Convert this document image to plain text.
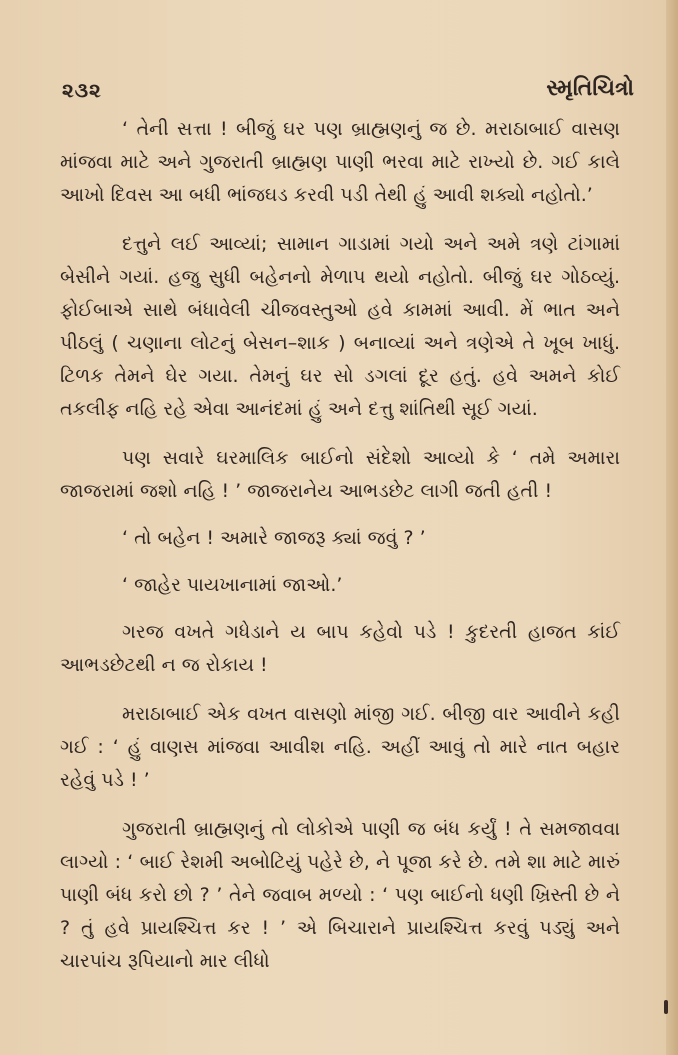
૨૩૨	સ્મૃતિચિત્રો

‘ તેની સત્તા ! બીજું ઘર પણ બ્રાહ્મણનું જ છે. મરાઠાબાઈ વાસણ માંજવા માટે અને ગુજરાતી બ્રાહ્મણ પાણી ભરવા માટે રાખ્યો છે. ગઈ કાલે આખો દિવસ આ બધી ભાંજઘડ કરવી પડી તેથી હું આવી શક્યો નહોતો.’

દત્તુને લઈ આવ્યાં; સામાન ગાડામાં ગયો અને અમે ત્રણે ટાંગામાં બેસીને ગયાં. હજુ સુધી બહેનનો મેળાપ થયો નહોતો. બીજું ઘર ગોઠવ્યું. ફોઈબાએ સાથે બંધાવેલી ચીજવસ્તુઓ હવે કામમાં આવી. મેં ભાત અને પીઠલું ( ચણાના લોટનું બેસન–શાક ) બનાવ્યાં અને ત્રણેએ તે ખૂબ ખાધું. ટિળક તેમને ઘેર ગયા. તેમનું ઘર સો ડગલાં દૂર હતું. હવે અમને કોઈ તકલીફ નહિ રહે એવા આનંદમાં હું અને દત્તુ શાંતિથી સૂઈ ગયાં.

પણ સવારે ઘરમાલિક બાઈનો સંદેશો આવ્યો કે ‘ તમે અમારા જાજરામાં જશો નહિ ! ’ જાજરાનેય આભડછેટ લાગી જતી હતી !

‘ તો બહેન ! અમારે જાજરૂ ક્યાં જવું ? ’

‘ જાહેર પાયખાનામાં જાઓ.’

ગરજ વખતે ગધેડાને ય બાપ કહેવો પડે ! કુદરતી હાજત કાંઈ આભડછેટથી ન જ રોકાય !

મરાઠાબાઈ એક વખત વાસણો માંજી ગઈ. બીજી વાર આવીને કહી ગઈ : ‘ હું વાણસ માંજવા આવીશ નહિ. અહીં આવું તો મારે નાત બહાર રહેવું પડે ! ’

ગુજરાતી બ્રાહ્મણનું તો લોકોએ પાણી જ બંધ કર્યું ! તે સમજાવવા લાગ્યો : ‘ બાઈ રેશમી અબોટિયું પહેરે છે, ને પૂજા કરે છે. તમે શા માટે મારું પાણી બંધ કરો છો ? ’ તેને જવાબ મળ્યો : ‘ પણ બાઈનો ધણી ખ્રિસ્તી છે ને ? તું હવે પ્રાયશ્ચિત્ત કર ! ’ એ બિચારાને પ્રાયશ્ચિત્ત કરવું પડ્યું અને ચારપાંચ રૂપિયાનો માર લીધો
